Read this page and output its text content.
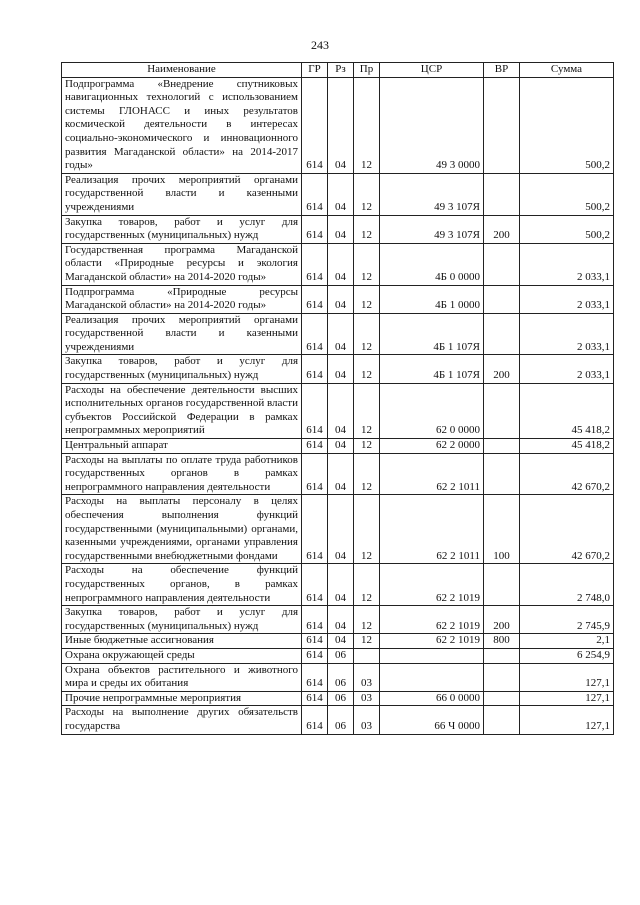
243
Наименование	ГР	Рз	Пр	ЦСР	ВР	Сумма
Подпрограмма «Внедрение спутниковых навигационных технологий с использованием системы ГЛОНАСС и иных результатов космической деятельности в интересах социально-экономического и инновационного развития Магаданской области» на 2014-2017 годы»	614	04	12	49 3 0000		500,2
Реализация прочих мероприятий органами государственной власти и казенными учреждениями	614	04	12	49 3 107Я		500,2
Закупка товаров, работ и услуг для государственных (муниципальных) нужд	614	04	12	49 3 107Я	200	500,2
Государственная программа Магаданской области «Природные ресурсы и экология Магаданской области» на 2014-2020 годы»	614	04	12	4Б 0 0000		2 033,1
Подпрограмма «Природные ресурсы Магаданской области» на 2014-2020 годы»	614	04	12	4Б 1 0000		2 033,1
Реализация прочих мероприятий органами государственной власти и казенными учреждениями	614	04	12	4Б 1 107Я		2 033,1
Закупка товаров, работ и услуг для государственных (муниципальных) нужд	614	04	12	4Б 1 107Я	200	2 033,1
Расходы на обеспечение деятельности высших исполнительных органов государственной власти субъектов Российской Федерации в рамках непрограммных мероприятий	614	04	12	62 0 0000		45 418,2
Центральный аппарат	614	04	12	62 2 0000		45 418,2
Расходы на выплаты по оплате труда работников государственных органов в рамках непрограммного направления деятельности	614	04	12	62 2 1011		42 670,2
Расходы на выплаты персоналу в целях обеспечения выполнения функций государственными (муниципальными) органами, казенными учреждениями, органами управления государственными внебюджетными фондами	614	04	12	62 2 1011	100	42 670,2
Расходы на обеспечение функций государственных органов, в рамках непрограммного направления деятельности	614	04	12	62 2 1019		2 748,0
Закупка товаров, работ и услуг для государственных (муниципальных) нужд	614	04	12	62 2 1019	200	2 745,9
Иные бюджетные ассигнования	614	04	12	62 2 1019	800	2,1
Охрана окружающей среды	614	06				6 254,9
Охрана объектов растительного и животного мира и среды их обитания	614	06	03			127,1
Прочие непрограммные мероприятия	614	06	03	66 0 0000		127,1
Расходы на выполнение других обязательств государства	614	06	03	66 Ч 0000		127,1
